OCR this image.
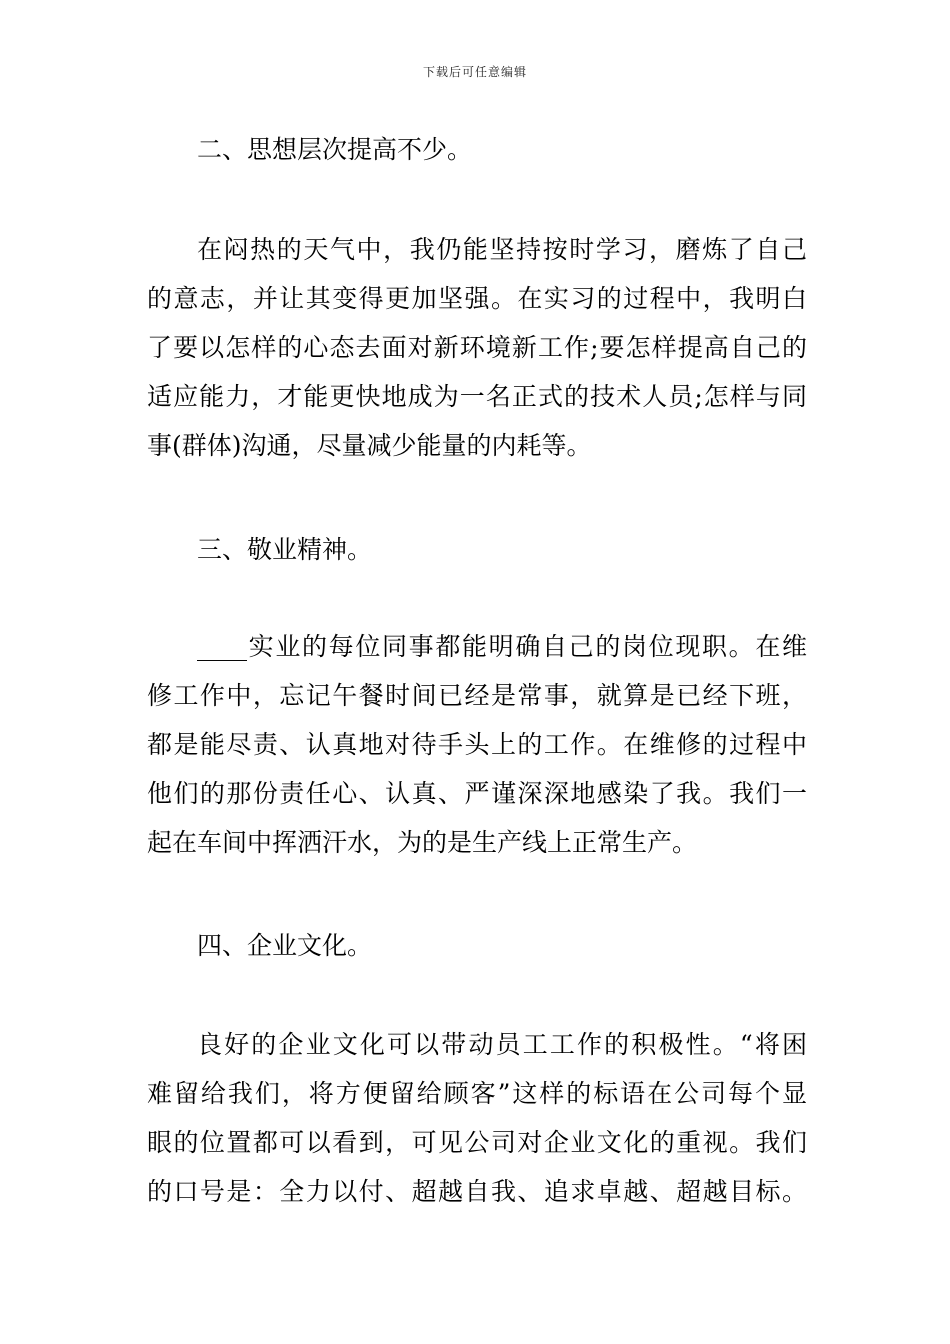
下载后可任意编辑
二、思想层次提高不少。
在闷热的天气中，我仍能坚持按时学习，磨炼了自己
的意志，并让其变得更加坚强。在实习的过程中，我明白
了要以怎样的心态去面对新环境新工作;要怎样提高自己的
适应能力，才能更快地成为一名正式的技术人员;怎样与同
事(群体)沟通，尽量减少能量的内耗等。
三、敬业精神。
____实业的每位同事都能明确自己的岗位现职。在维
修工作中，忘记午餐时间已经是常事，就算是已经下班，
都是能尽责、认真地对待手头上的工作。在维修的过程中
他们的那份责任心、认真、严谨深深地感染了我。我们一
起在车间中挥洒汗水，为的是生产线上正常生产。
四、企业文化。
良好的企业文化可以带动员工工作的积极性。“将困
难留给我们，将方便留给顾客”这样的标语在公司每个显
眼的位置都可以看到，可见公司对企业文化的重视。我们
的口号是：全力以付、超越自我、追求卓越、超越目标。
